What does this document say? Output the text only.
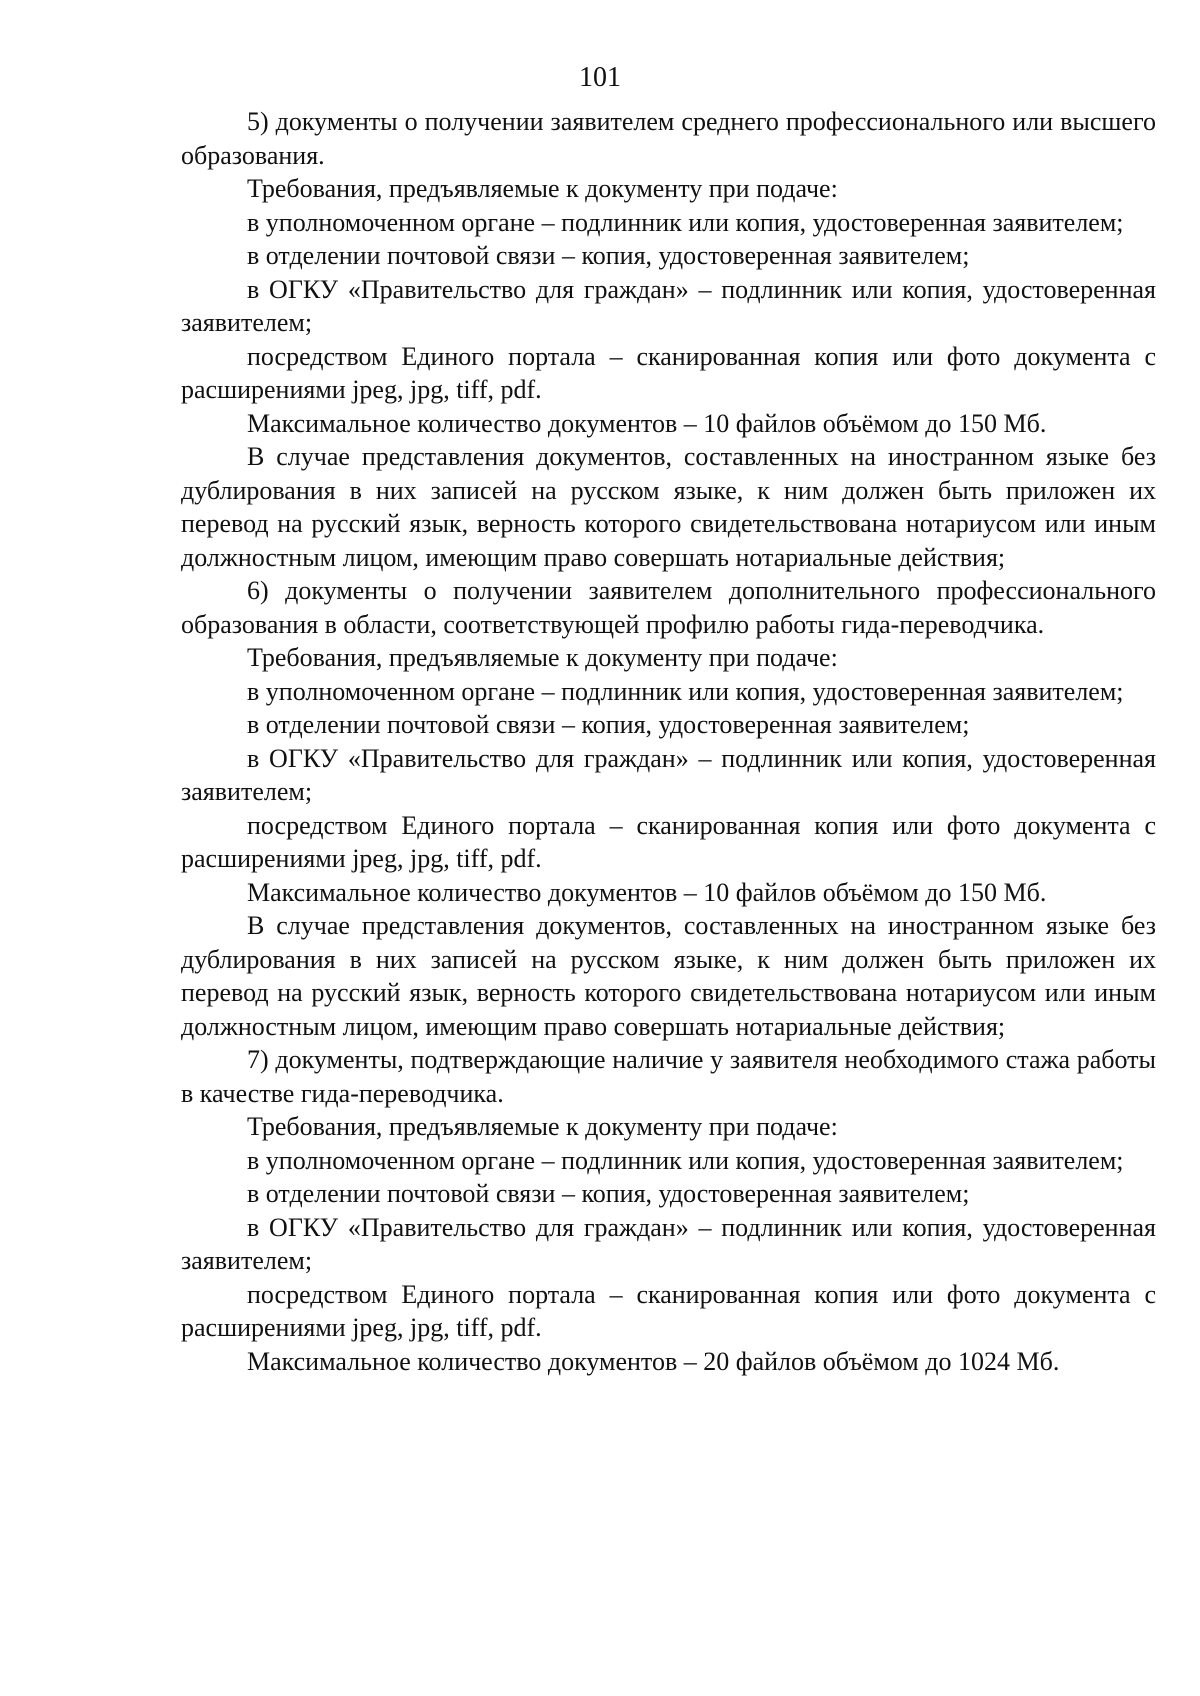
101

5) документы о получении заявителем среднего профессионального или высшего образования.

Требования, предъявляемые к документу при подаче:

в уполномоченном органе – подлинник или копия, удостоверенная заявителем;

в отделении почтовой связи – копия, удостоверенная заявителем;

в ОГКУ «Правительство для граждан» – подлинник или копия, удостоверенная заявителем;

посредством Единого портала – сканированная копия или фото документа с расширениями jpeg, jpg, tiff, pdf.

Максимальное количество документов – 10 файлов объёмом до 150 Мб.

В случае представления документов, составленных на иностранном языке без дублирования в них записей на русском языке, к ним должен быть приложен их перевод на русский язык, верность которого свидетельствована нотариусом или иным должностным лицом, имеющим право совершать нотариальные действия;

6) документы о получении заявителем дополнительного профессионального образования в области, соответствующей профилю работы гида-переводчика.

Требования, предъявляемые к документу при подаче:

в уполномоченном органе – подлинник или копия, удостоверенная заявителем;

в отделении почтовой связи – копия, удостоверенная заявителем;

в ОГКУ «Правительство для граждан» – подлинник или копия, удостоверенная заявителем;

посредством Единого портала – сканированная копия или фото документа с расширениями jpeg, jpg, tiff, pdf.

Максимальное количество документов – 10 файлов объёмом до 150 Мб.

В случае представления документов, составленных на иностранном языке без дублирования в них записей на русском языке, к ним должен быть приложен их перевод на русский язык, верность которого свидетельствована нотариусом или иным должностным лицом, имеющим право совершать нотариальные действия;

7) документы, подтверждающие наличие у заявителя необходимого стажа работы в качестве гида-переводчика.

Требования, предъявляемые к документу при подаче:

в уполномоченном органе – подлинник или копия, удостоверенная заявителем;

в отделении почтовой связи – копия, удостоверенная заявителем;

в ОГКУ «Правительство для граждан» – подлинник или копия, удостоверенная заявителем;

посредством Единого портала – сканированная копия или фото документа с расширениями jpeg, jpg, tiff, pdf.

Максимальное количество документов – 20 файлов объёмом до 1024 Мб.
